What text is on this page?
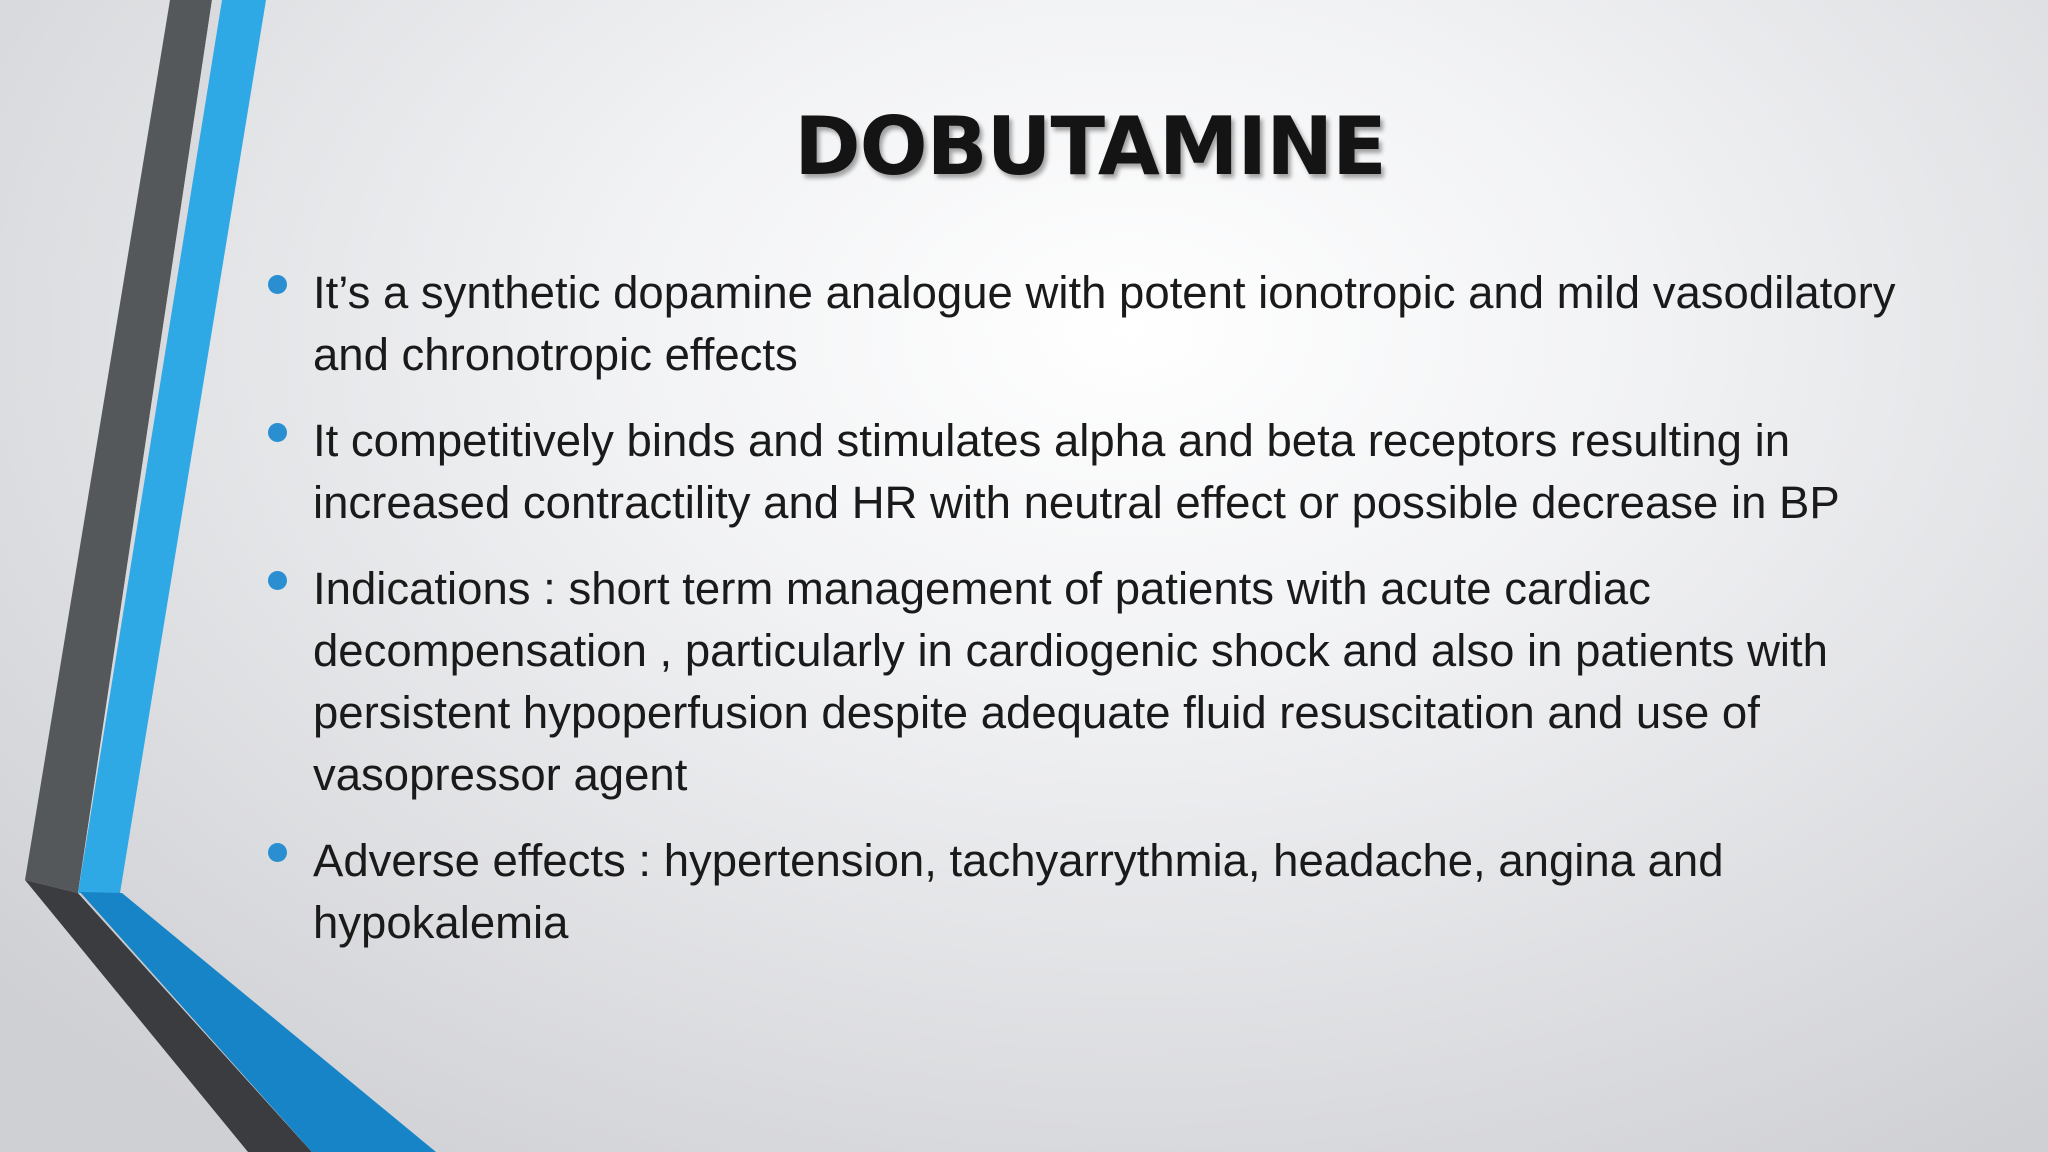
DOBUTAMINE
It’s a synthetic dopamine analogue with potent ionotropic and mild vasodilatory and chronotropic effects
It competitively binds and stimulates alpha and beta receptors resulting in increased contractility and HR with neutral effect or possible decrease in BP
Indications : short term management of patients with acute cardiac decompensation , particularly in cardiogenic shock and also in patients with persistent hypoperfusion despite adequate fluid resuscitation and use of vasopressor agent
Adverse effects : hypertension, tachyarrythmia, headache, angina and hypokalemia
